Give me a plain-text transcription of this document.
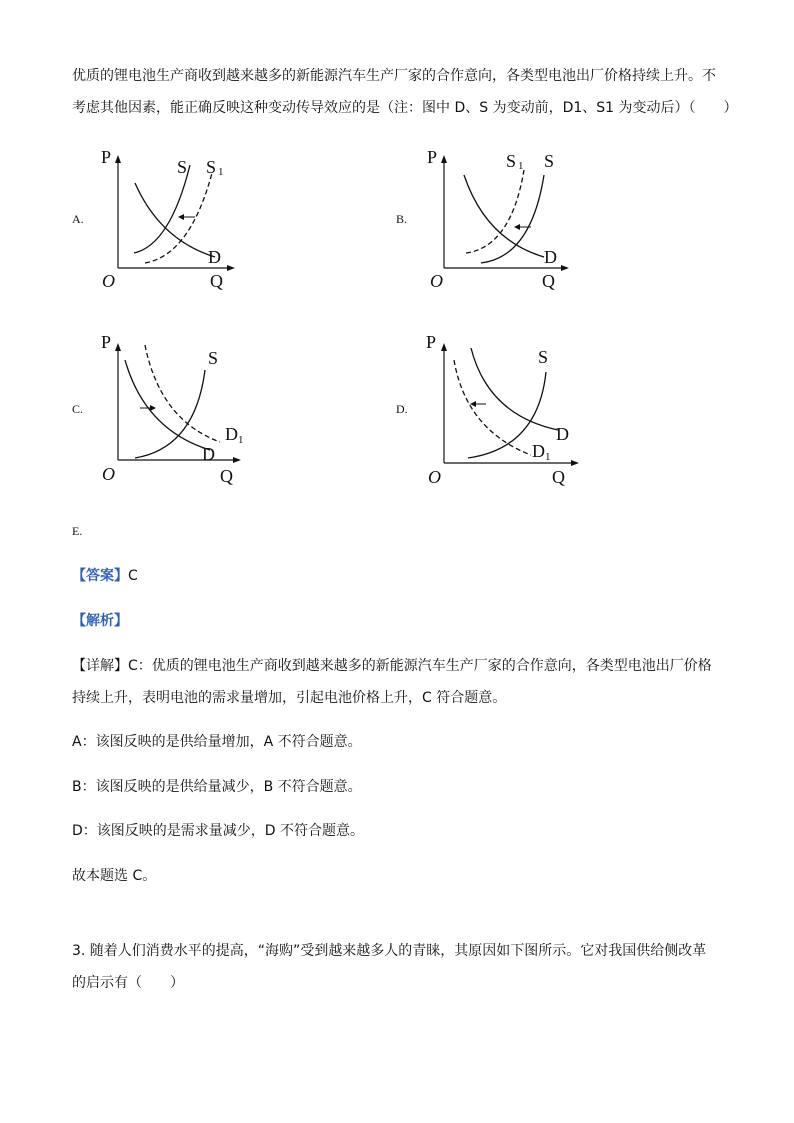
优质的锂电池生产商收到越来越多的新能源汽车生产厂家的合作意向，各类型电池出厂价格持续上升。不
考虑其他因素，能正确反映这种变动传导效应的是（注：图中 D、S 为变动前，D1、S1 为变动后）（　　）
A.
P
O	Q
S S 1
D
B.
P
O	Q
S 1 S
D
C.
P
O	Q
S
D
D 1
D.
P
O	Q
S
D
D 1
E.
【答案】C
【解析】
【详解】C：优质的锂电池生产商收到越来越多的新能源汽车生产厂家的合作意向，各类型电池出厂价格
持续上升，表明电池的需求量增加，引起电池价格上升，C 符合题意。
A：该图反映的是供给量增加，A 不符合题意。
B：该图反映的是供给量减少，B 不符合题意。
D：该图反映的是需求量减少，D 不符合题意。
故本题选 C。
3. 随着人们消费水平的提高，“海购”受到越来越多人的青睐，其原因如下图所示。它对我国供给侧改革
的启示有（　　）
